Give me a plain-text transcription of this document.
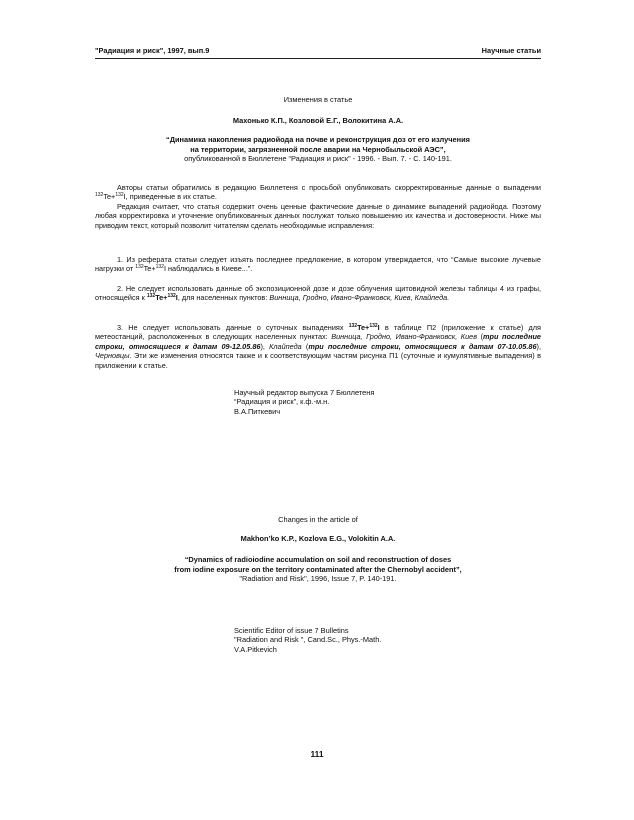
"Радиация и риск", 1997, вып.9	Научные статьи
Изменения в статье
Махонько К.П., Козловой Е.Г., Волокитина А.А.
“Динамика накопления радиойода на почве и реконструкция доз от его излучения
на территории, загрязненной после аварии на Чернобыльской АЭС”,
опубликованной в Бюллетене “Радиация и риск” - 1996. - Вып. 7. - С. 140-191.

Авторы статьи обратились в редакцию Бюллетеня с просьбой опубликовать скорректированные данные о выпадении $^{132}$Te+$^{132}$I, приведенные в их статье.

Редакция считает, что статья содержит очень ценные фактические данные о динамике выпадений радиойода. Поэтому любая корректировка и уточнение опубликованных данных послужат только повышению их качества и достоверности. Ниже мы приводим текст, который позволит читателям сделать необходимые исправления:

1. Из реферата статьи следует изъять последнее предложение, в котором утверждается, что “Самые высокие лучевые нагрузки от $^{132}$Te+$^{132}$I наблюдались в Киеве...”.

2. Не следует использовать данные об экспозиционной дозе и дозе облучения щитовидной железы таблицы 4 из графы, относящейся к $^{132}$Te+$^{132}$I, для населенных пунктов: Винница, Гродно, Ивано-Франковск, Киев, Клайпеда.

3. Не следует использовать данные о суточных выпадениях $^{132}$Te+$^{132}$I в таблице П2 (приложение к статье) для метеостанций, расположенных в следующих населенных пунктах: Винница, Гродно, Ивано-Франковск, Киев (три последние строки, относящиеся к датам 09-12.05.86), Клайпеда (три последние строки, относящиеся к датам 07-10.05.86), Черновцы. Эти же изменения относятся также и к соответствующим частям рисунка П1 (суточные и кумулятивные выпадения) в приложении к статье.

Научный редактор выпуска 7 Бюллетеня
“Радиация и риск”, к.ф.-м.н.
В.А.Питкевич
Changes in the article of
Makhon’ko K.P., Kozlova E.G., Volokitin A.A.
“Dynamics of radioiodine accumulation on soil and reconstruction of doses
from iodine exposure on the territory contaminated after the Chernobyl accident”,
"Radiation and Risk", 1996, Issue 7, P. 140-191.
Scientific Editor of issue 7 Bulletins
"Radiation and Risk ", Cand.Sc., Phys.-Math.
V.A.Pitkevich
111
